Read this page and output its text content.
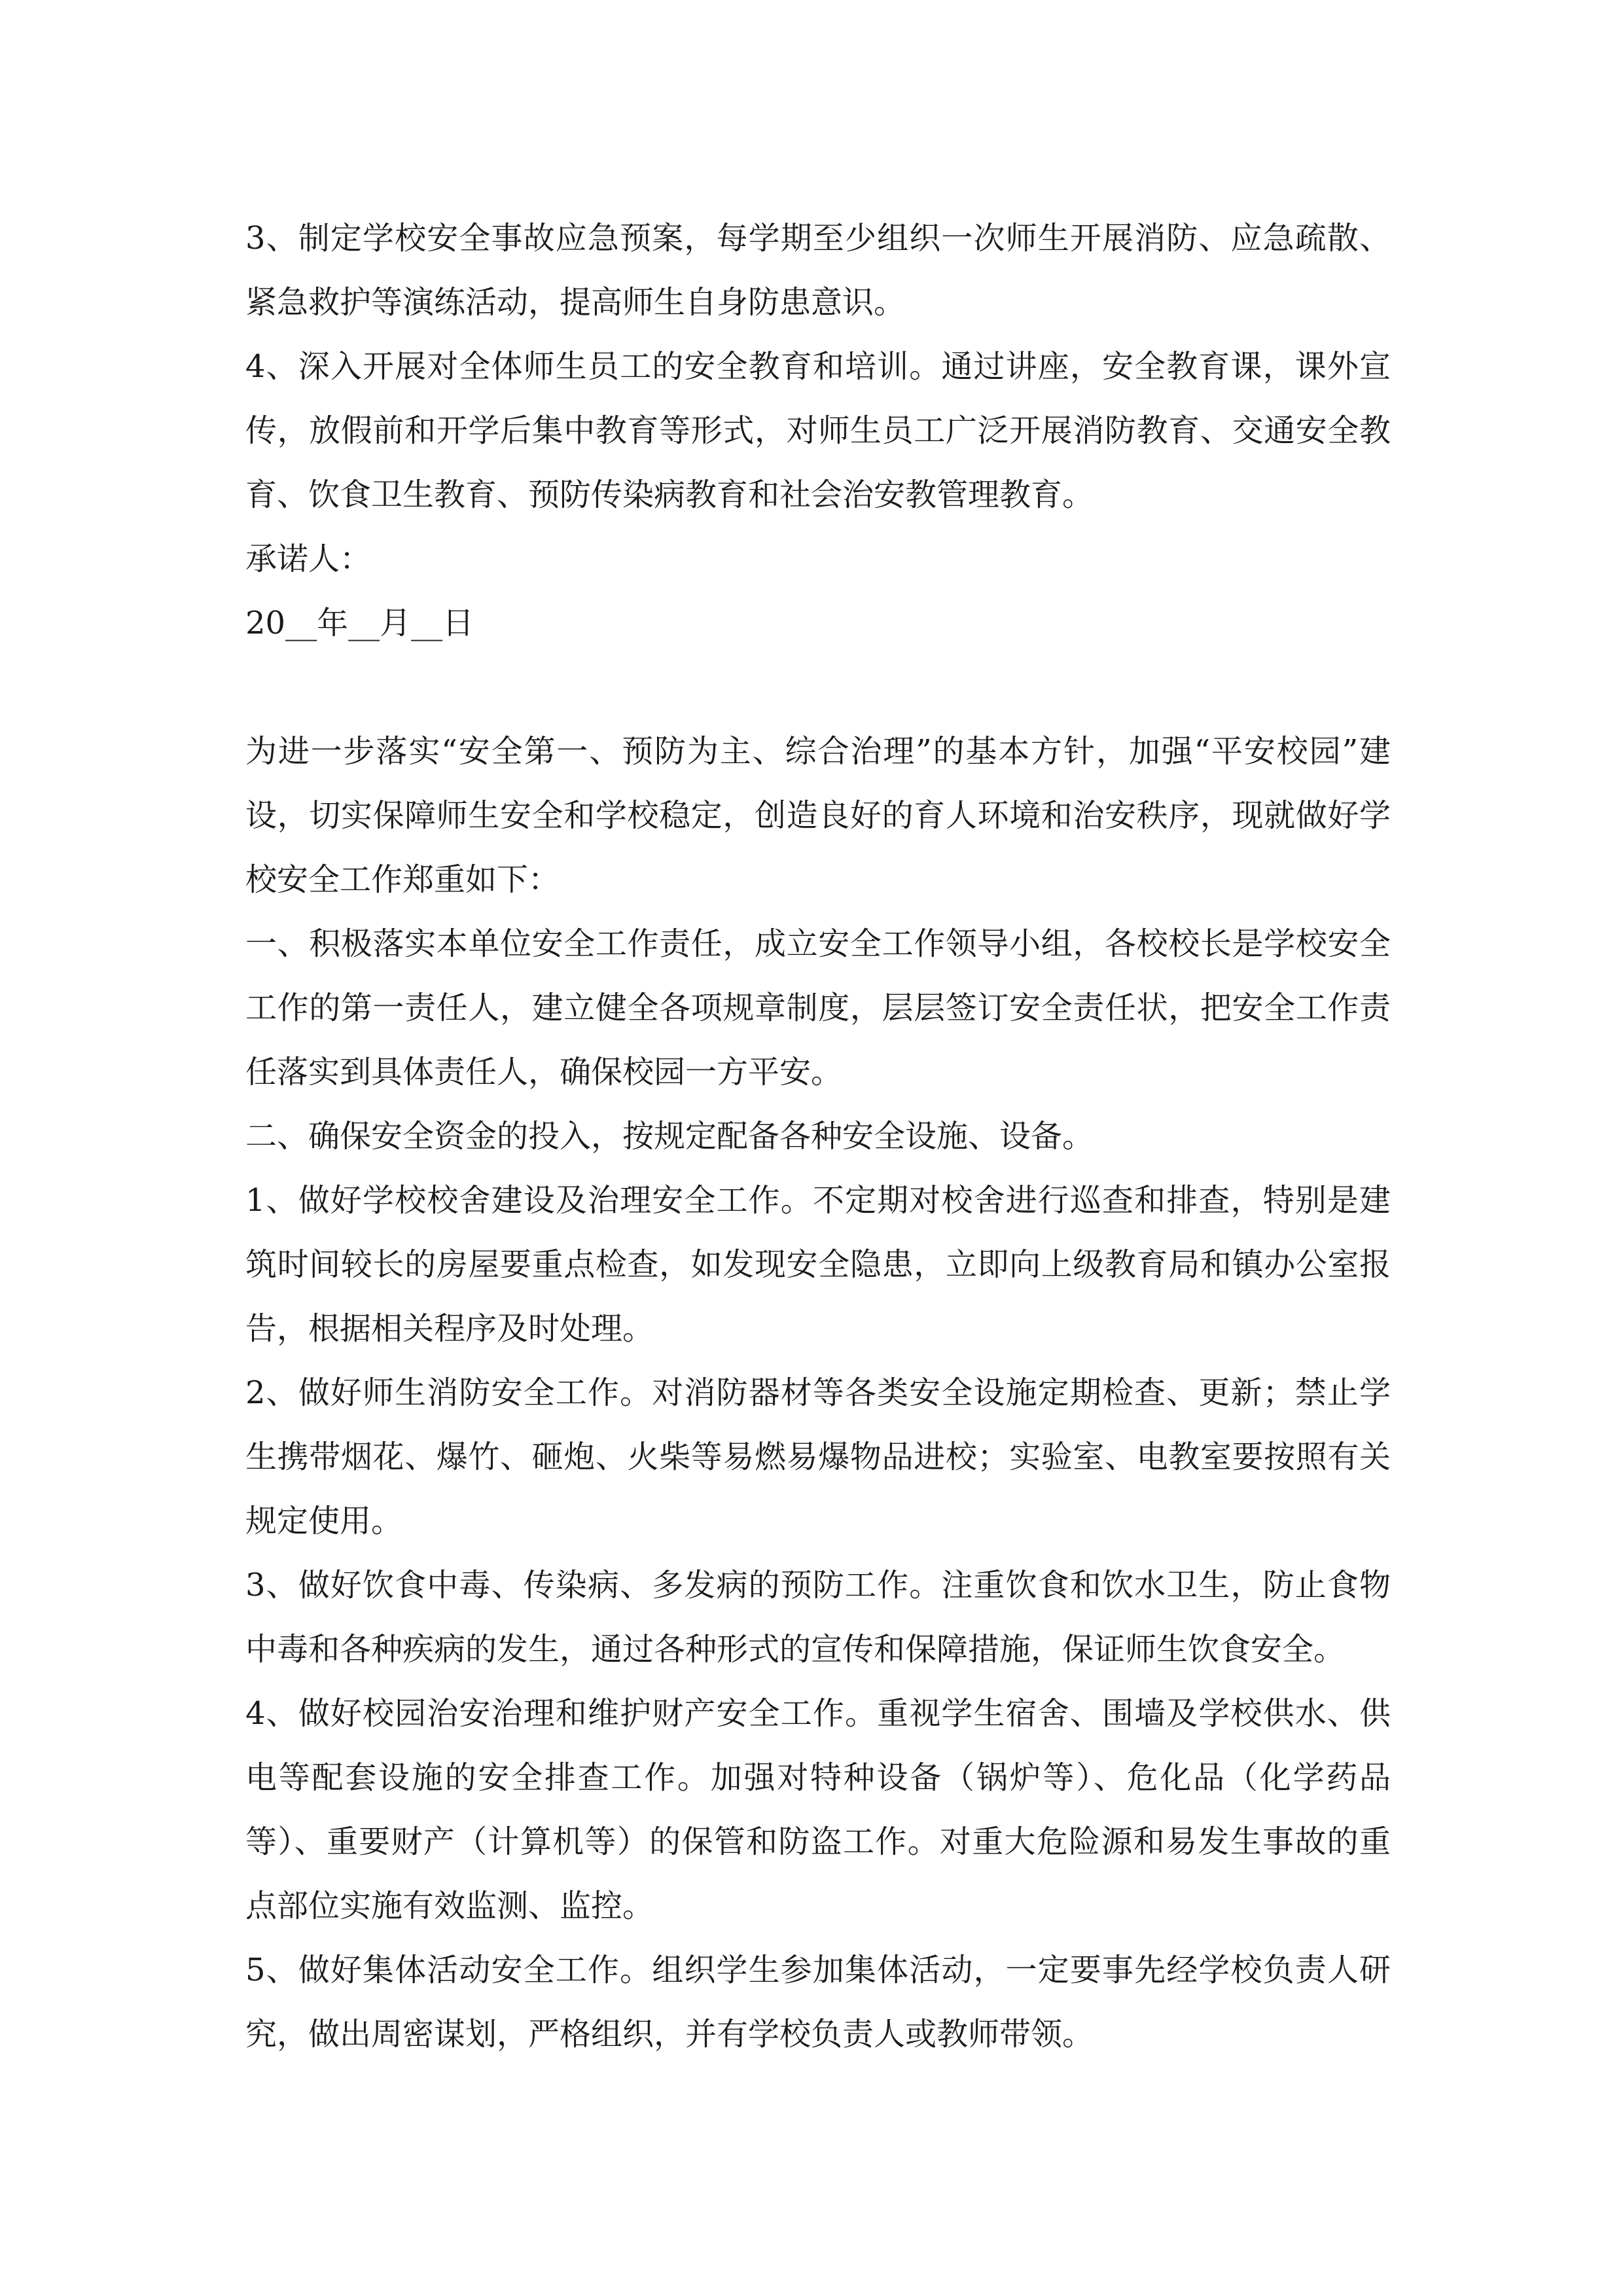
3、制定学校安全事故应急预案，每学期至少组织一次师生开展消防、应急疏散、紧急救护等演练活动，提高师生自身防患意识。

4、深入开展对全体师生员工的安全教育和培训。通过讲座，安全教育课，课外宣传，放假前和开学后集中教育等形式，对师生员工广泛开展消防教育、交通安全教育、饮食卫生教育、预防传染病教育和社会治安教管理教育。

承诺人：

20__年__月__日

为进一步落实“安全第一、预防为主、综合治理”的基本方针，加强“平安校园”建设，切实保障师生安全和学校稳定，创造良好的育人环境和治安秩序，现就做好学校安全工作郑重如下：

一、积极落实本单位安全工作责任，成立安全工作领导小组，各校校长是学校安全工作的第一责任人，建立健全各项规章制度，层层签订安全责任状，把安全工作责任落实到具体责任人，确保校园一方平安。

二、确保安全资金的投入，按规定配备各种安全设施、设备。

1、做好学校校舍建设及治理安全工作。不定期对校舍进行巡查和排查，特别是建筑时间较长的房屋要重点检查，如发现安全隐患，立即向上级教育局和镇办公室报告，根据相关程序及时处理。

2、做好师生消防安全工作。对消防器材等各类安全设施定期检查、更新；禁止学生携带烟花、爆竹、砸炮、火柴等易燃易爆物品进校；实验室、电教室要按照有关规定使用。

3、做好饮食中毒、传染病、多发病的预防工作。注重饮食和饮水卫生，防止食物中毒和各种疾病的发生，通过各种形式的宣传和保障措施，保证师生饮食安全。

4、做好校园治安治理和维护财产安全工作。重视学生宿舍、围墙及学校供水、供电等配套设施的安全排查工作。加强对特种设备（锅炉等）、危化品（化学药品等）、重要财产（计算机等）的保管和防盗工作。对重大危险源和易发生事故的重点部位实施有效监测、监控。

5、做好集体活动安全工作。组织学生参加集体活动，一定要事先经学校负责人研究，做出周密谋划，严格组织，并有学校负责人或教师带领。
